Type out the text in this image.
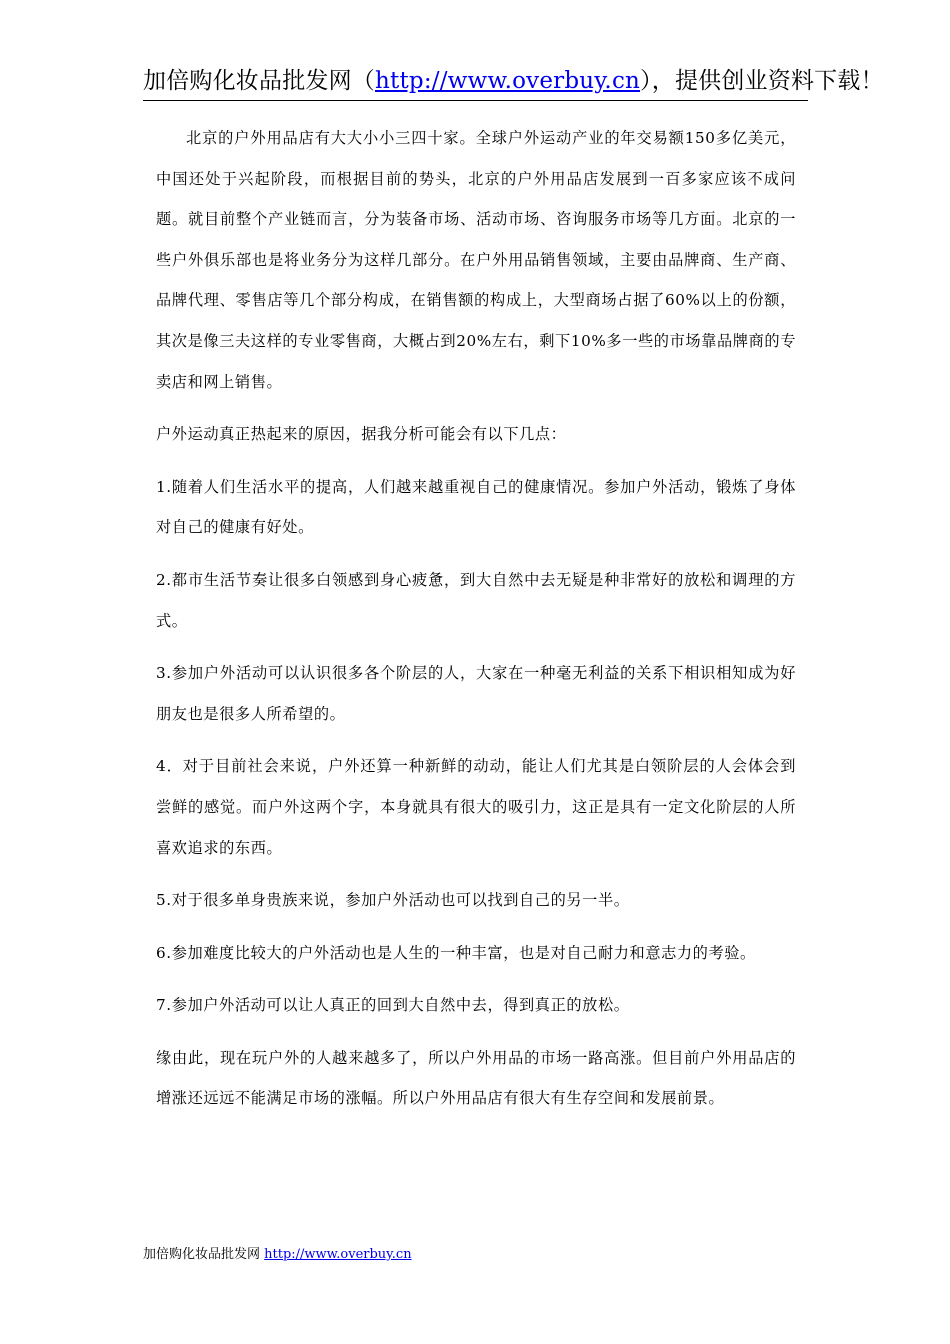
加倍购化妆品批发网（http://www.overbuy.cn），提供创业资料下载！

北京的户外用品店有大大小小三四十家。全球户外运动产业的年交易额150多亿美元，中国还处于兴起阶段，而根据目前的势头，北京的户外用品店发展到一百多家应该不成问题。就目前整个产业链而言，分为装备市场、活动市场、咨询服务市场等几方面。北京的一些户外俱乐部也是将业务分为这样几部分。在户外用品销售领域，主要由品牌商、生产商、品牌代理、零售店等几个部分构成，在销售额的构成上，大型商场占据了60%以上的份额，其次是像三夫这样的专业零售商，大概占到20%左右，剩下10%多一些的市场靠品牌商的专卖店和网上销售。

户外运动真正热起来的原因，据我分析可能会有以下几点：

1.随着人们生活水平的提高，人们越来越重视自己的健康情况。参加户外活动，锻炼了身体对自己的健康有好处。

2.都市生活节奏让很多白领感到身心疲惫，到大自然中去无疑是种非常好的放松和调理的方式。

3.参加户外活动可以认识很多各个阶层的人，大家在一种毫无利益的关系下相识相知成为好朋友也是很多人所希望的。

4．对于目前社会来说，户外还算一种新鲜的动动，能让人们尤其是白领阶层的人会体会到尝鲜的感觉。而户外这两个字，本身就具有很大的吸引力，这正是具有一定文化阶层的人所喜欢追求的东西。

5.对于很多单身贵族来说，参加户外活动也可以找到自己的另一半。

6.参加难度比较大的户外活动也是人生的一种丰富，也是对自己耐力和意志力的考验。

7.参加户外活动可以让人真正的回到大自然中去，得到真正的放松。

缘由此，现在玩户外的人越来越多了，所以户外用品的市场一路高涨。但目前户外用品店的增涨还远远不能满足市场的涨幅。所以户外用品店有很大有生存空间和发展前景。

加倍购化妆品批发网 http://www.overbuy.cn
